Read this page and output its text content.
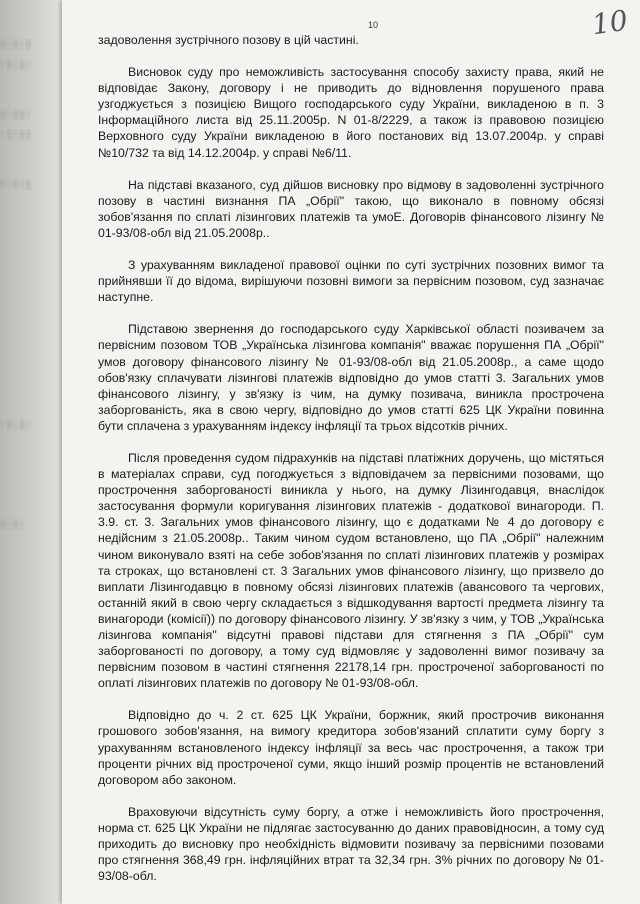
▒░▒░▒
░▒░▒░
▒░▒▒░
░▒░▒▒
▒░▒░▒
░▒░▒░
▒░▒░
10	10

задоволення зустрічного позову в цій частині.

Висновок суду про неможливість застосування способу захисту права, який не відповідає Закону, договору і не приводить до відновлення порушеного права узгоджується з позицією Вищого господарського суду України, викладеною в п. 3 Інформаційного листа від 25.11.2005р. N 01-8/2229, а також із правовою позицією Верховного суду України викладеною в його постанових від 13.07.2004р. у справі №10/732 та від 14.12.2004р. у справі №6/11.

На підставі вказаного, суд дійшов висновку про відмову в задоволенні зустрічного позову в частині визнання ПА „Обрії" такою, що виконало в повному обсязі зобов'язання по сплаті лізингових платежів та умоЕ. Договорів фінансового лізингу № 01-93/08-обл від 21.05.2008р..

З урахуванням викладеної правової оцінки по суті зустрічних позовних вимог та прийнявши її до відома, вирішуючи позовні вимоги за первісним позовом, суд зазначає наступне.

Підставою звернення до господарського суду Харківської області позивачем за первісним позовом ТОВ „Українська лізингова компанія" вважає порушення ПА „Обрії" умов договору фінансового лізингу № 01-93/08-обл від 21.05.2008р., а саме щодо обов'язку сплачувати лізингові платежів відповідно до умов статті 3. Загальних умов фінансового лізингу, у зв'язку із чим, на думку позивача, виникла прострочена заборгованість, яка в свою чергу, відповідно до умов статті 625 ЦК України повинна бути сплачена з урахуванням індексу інфляції та трьох відсотків річних.

Після проведення судом підрахунків на підставі платіжних доручень, що містяться в матеріалах справи, суд погоджується з відповідачем за первісними позовами, що прострочення заборгованості виникла у нього, на думку Лізингодавця, внаслідок застосування формули коригування лізингових платежів - додаткової винагороди. П. 3.9. ст. 3. Загальних умов фінансового лізингу, що є додатками № 4 до договору є недійсним з 21.05.2008р.. Таким чином судом встановлено, що ПА „Обрії" належним чином виконувало взяті на себе зобов'язання по сплаті лізингових платежів у розмірах та строках, що встановлені ст. 3 Загальних умов фінансового лізингу, що призвело до виплати Лізингодавцю в повному обсязі лізингових платежів (авансового та чергових, останній який в свою чергу складається з відшкодування вартості предмета лізингу та винагороди (комісії)) по договору фінансового лізингу. У зв'язку з чим, у ТОВ „Українська лізингова компанія" відсутні правові підстави для стягнення з ПА „Обрії" сум заборгованості по договору, а тому суд відмовляє у задоволенні вимог позивачу за первісним позовом в частині стягнення 22178,14 грн. простроченої заборгованості по оплаті лізингових платежів по договору № 01-93/08-обл.

Відповідно до ч. 2 ст. 625 ЦК України, боржник, який прострочив виконання грошового зобов'язання, на вимогу кредитора зобов'язаний сплатити суму боргу з урахуванням встановленого індексу інфляції за весь час прострочення, а також три проценти річних від простроченої суми, якщо інший розмір процентів не встановлений договором або законом.

Враховуючи відсутність суму боргу, а отже і неможливість його прострочення, норма ст. 625 ЦК України не підлягає застосуванню до даних правовідносин, а тому суд приходить до висновку про необхідність відмовити позивачу за первісними позовами про стягнення 368,49 грн. інфляційних втрат та 32,34 грн. 3% річних по договору № 01-93/08-обл.
